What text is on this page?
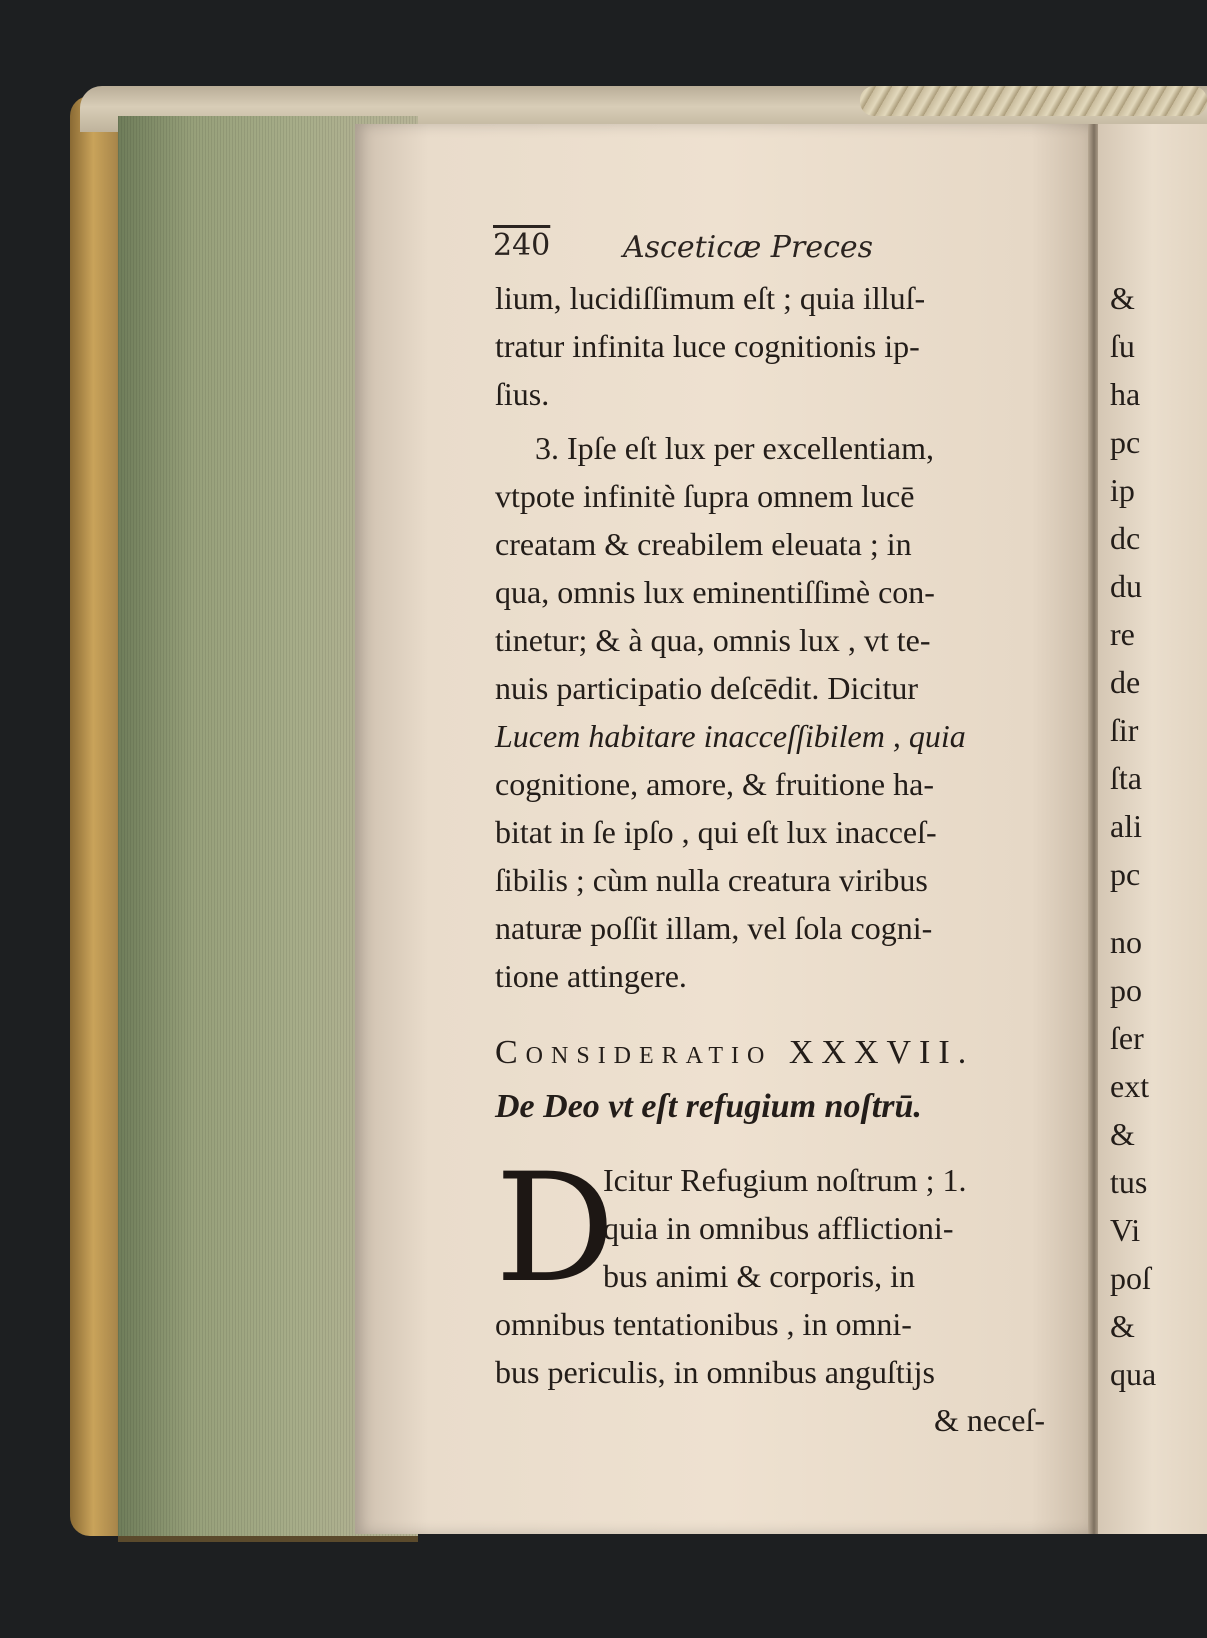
240 Asceticæ Preces
lium, lucidiſſimum eſt ; quia illuſ-
tratur infinita luce cognitionis ip-
ſius.
3. Ipſe eſt lux per excellentiam,
vtpote infinitè ſupra omnem lucē
creatam & creabilem eleuata ; in
qua, omnis lux eminentiſſimè con-
tinetur; & à qua, omnis lux , vt te-
nuis participatio deſcēdit. Dicitur
Lucem habitare inacceſſibilem , quia
cognitione, amore, & fruitione ha-
bitat in ſe ipſo , qui eſt lux inacceſ-
ſibilis ; cùm nulla creatura viribus
naturæ poſſit illam, vel ſola cogni-
tione attingere.
Consideratio XXXVII.
De Deo vt eſt refugium noſtrū.
D
Icitur Refugium noſtrum ; 1.
quia in omnibus afflictioni-
bus animi & corporis, in
omnibus tentationibus , in omni-
bus periculis, in omnibus anguſtijs
& neceſ-
&
ſu
ha
pc
ip
dc
du
re
de
ſir
ſta
ali
pc
no
po
ſer
ext
&
tus
Vi
poſ
&
qua
